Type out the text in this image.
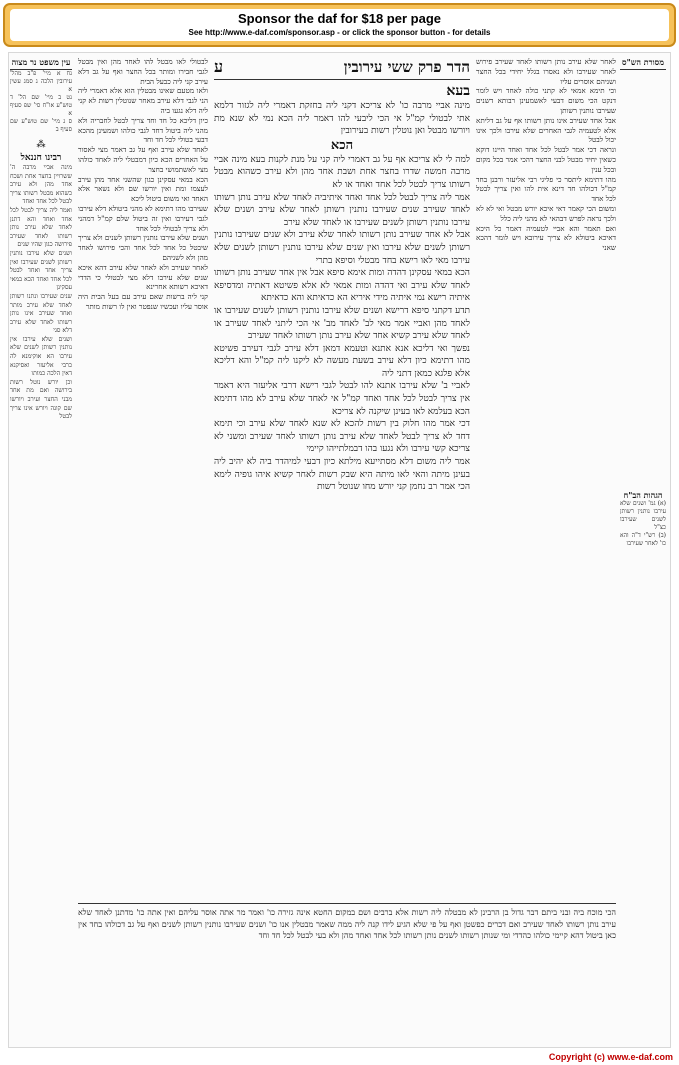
Sponsor the daf for $18 per page
See http://www.e-daf.com/sponsor.asp - or click the sponsor button - for details
מסורת הש"ס
הגהות הב"ח
(א) גמ' ושנים שלא עירבו נותנין רשותן לשנים שעירבו כצ"ל
(ב) רש"י ד"ה והא כו' לאחר שעירבו
לאחר שלא עירב נותן רשותו לאחד שעירב פירוש לאחר שעירבו ולא נאסרו בגלל יחידי בכל החצר ושניהם אוסרים עליו
וכי תימא אמאי לא קתני כולה לאחד ויש לומר דנקט הכי משום דבעי לאשמעינן רבותא דשנים שעירבו נותנין רשותן
אבל אחד שעירב אינו נותן רשותו אף על גב דליתא אלא לטעמיה לגבי האחרים שלא עירבו ולכך אינו יכול לבטל
ונראה דכי אמר לבטל לכל אחד ואחד היינו דוקא כשאין יחיד מבטל לבני החצר דהכי אמר בכל מקום ובכל ענין
מהו דתימא ליתסר כי פליגי רבי אליעזר ורבנן בחד קמ"ל דכולהו חד דינא אית להו ואין צריך לבטל לכל אחד
ומשום הכי קאמר דאי איכא יורש מבטל ואי לא לא ולכך נראה לפרש דבהאי לא מהני ליה כלל
ואם תאמר והא אביי לטעמיה דאמר כל היכא דאיכא ביטולא לא צריך עירובא ויש לומר דהכא שאני
הדר פרק ששי עירובין
ע
בעא
מינה אביי מרבה כו' לא צריכא דקני ליה בחזקת דאמרי ליה לגזור דלמא אתי לבטולי קמ"ל אי הכי ליבעי להו דאמר ליה הכא נמי לא שנא מת ויורשו מבטל ואן נוטלין רשות בעירובין
הכא
למה לי לא צריכא אף על גב דאמרי ליה קני על מנת לקנות בעא מינה אביי מרבה חמשה שדרו בחצר אחת ושבת אחד מהן ולא עירב כשהוא מבטל רשותו צריך לבטל לכל אחד ואחד או לא
אמר ליה צריך לבטל לכל אחד ואחד איתיביה לאחד שלא עירב נותן רשותו לאחד שעירב שנים שעירבו נותנין רשותן לאחד שלא עירב ושנים שלא עירבו נותנין רשותן לשנים שעירבו או לאחד שלא עירב
אבל לא אחד שעירב נותן רשותו לאחד שלא עירב ולא שנים שעירבו נותנין רשותן לשנים שלא עירבו ואין שנים שלא עירבו נותנין רשותן לשנים שלא עירבו מאי לאו רישא בחד מבטלי וסיפא בתרי
הכא במאי עסקינן דהדה ומות אימא סיפא אבל אין אחד שעירב נותן רשותו לאחד שלא עירב ואי דהדה ומות אמאי לא אלא פשיטא דאתיה ומדסיפא איתיה רישא נמי איתיה מידי איריא הא כדאיתא והא כדאיתא
תדע דקתני סיפא דרישא ושנים שלא עירבו נותנין רשותן לשנים שעירבו או לאחד מהן ואביי אמר מאי לב' לאחד מב' אי הכי ליתני לאחד שעירב או לאחד שלא עירב קשיא אחד שלא עירב נותן רשותו לאחד שעירב
נפשך ואי דליכא אנא אתנא וטעמא דמאן דלא עירב לגבי דעירב פשיטא מהו דתימא כיון דלא עירב בשעת מעשה לא ליקנו ליה קמ"ל והא דליכא אלא פלגא כמאן דתני ליה
לאביי ב' שלא עירבו אתנא להו לבטל לגבי רישא דרבי אליעזר היא דאמר אין צריך לבטל לכל אחד ואחד קמ"ל אי לאחד שלא עירב לא מהו דתימא הכא בעלמא לאו בעינן שיקנה לא צריכא
דכי אמר מהו חלוק בין רשות להכא לא שנא לאחד שלא עירב וכי תימא דחד לא צריך לבטל לאחד שלא עירב נותן רשותו לאחד שעירב ומשני לא צריכא קשי עירבו ולא נגעו בהו דבמלתייהו קיימי
אמר ליה משום דלא מסתייעא מילתא כיון דבעי למיהדר ביה לא יהיב ליה בעינן מיתה והאי לאו מיתה היא שבק רשות לאחר קשיא איהו גופיה לימא הכי אמר רב נחמן קני יורש מחו שנוטל רשות
לבטולי לאו מבטל להו לאחד מהן ואין מבטל לגבי חבירו ומותר בכל החצר ואף על גב דלא עירב קני ליה כבעל הבית
ולאו מטעם שאינו מבטלין הוא אלא דאמרי ליה הני לגבי דלא עירב מאחר שנוטלין רשות לא קני ליה דלא נגעו ביה
כיון דליכא כל חד וחד צריך לבטל לחבריה ולא מהני ליה ביטול דחד לגבי כולהו ושמעינן מהכא דבעי בטולי לכל חד וחד
לאחד שלא עירב ואף על גב דאמר מצי לאסור על האחרים הכא כיון דמבטלי ליה לאחד כולהו מצי לאשתמושי בחצר
הכא במאי עסקינן כגון שהשני אחד מהן עירב לעצמו ומת ואין יורשו שם ולא נשאר אלא האחד ואי משום ביטול ליכא
שעירבו מהו דתימא לא מהני ביטולא דלא עירבו לגבי דעירבו ואין זה ביטול שלם קמ"ל דמהני ולא צריך לבטולי לכל אחד
ושנים שלא עירבו נותנין רשותן לשנים ולא צריך שיבטל כל אחד לכל אחד והכי פירושו לאחד מהן ולא לשניהם
לאחר שעירב ולא לאחר שלא עירב דהא איכא שנים שלא עירבו דלא מצי לבטולי כי הדדי דאיכא רשותא אחרינא
קני ליה ברשות שאם עירב עם בעל הבית היה אוסר עליו ועכשיו שנפטר ואין לו רשות מותר
עין משפט נר מצוה
נח א מיי' פ"ב מהל' עירובין הלכה ג סמג עשין א
נט ב מיי' שם הל' ד טוש"ע או"ח סי' שפ סעיף א
ס ג מיי' שם טוש"ע שם סעיף ב
⁂
רבינו חננאל
מינה אביי מרבה ה' ששרויין בחצר אחת ושכח אחד מהן ולא עירב כשהוא מבטל רשותו צריך לבטל לכל אחד ואחד
ואמר ליה צריך לבטל לכל אחד ואחד והא דתנן לאחד שלא עירב נותן רשותו לאחד שעירב פירושה כגון שהיו שנים
ושנים שלא עירבו נותנין רשותן לשנים שעירבו ואין צריך אחד ואחד לבטל לכל אחד ואחד הכא במאי עסקינן
שנים שעירבו ונתנו רשותן לאחד שלא עירב מותר ואחד שעירב אינו נותן רשותו לאחד שלא עירב דלא סגי
ושנים שלא עירבו אין נותנין רשותן לשנים שלא עירבו הא אוקימנא לה כרבי אליעזר ואסיקנא דאין הלכה כמותו
וכן יורש נוטל רשות בירושה ואם מת אחד מבני החצר ועירב ויורשו שם קונה ויורש אינו צריך לבטל
הכי מוכח ביה ובני ביתם דבר גדול בן הרבינן לא מבטלה ליה רשות אלא ברבים ושם במקום החטא אינה גזירה כו' ואמר מר אתה אוסר עליהם ואין אתה כו' מדתנן לאחד שלא עירב נותן רשותו לאחד שעירב ואם דברים כפשטן ואף על פי שלא הגיע לידו קנה ליה ממה שאמר מבטלין אנו כו' ושנים שעירבו נותנין רשותן לשנים ואף על גב דכולהו בחד אין כאן ביטול דהא קיימי כולהו כהדדי ומי שנותן רשותו לשנים נותן רשותו לכל אחד ואחד מהן ולא בעי לבטל לכל חד וחד
Copyright (c) www.e-daf.com
